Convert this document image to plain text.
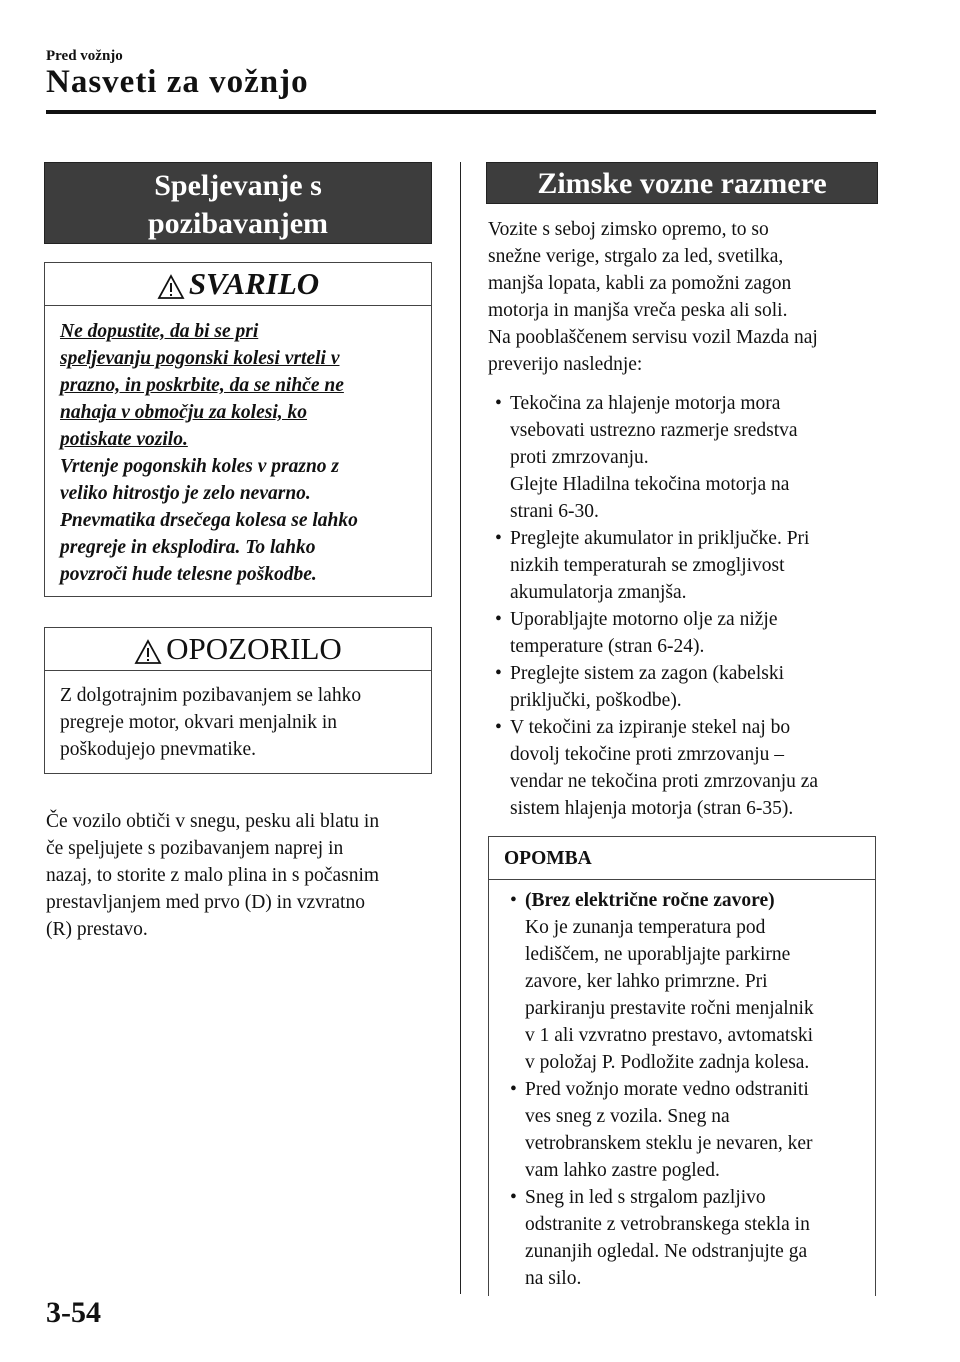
Pred vožnjo
Nasveti za vožnjo
Speljevanje s
pozibavanjem
SVARILO
Ne dopustite, da bi se pri
speljevanju pogonski kolesi vrteli v
prazno, in poskrbite, da se nihče ne
nahaja v območju za kolesi, ko
potiskate vozilo.
Vrtenje pogonskih koles v prazno z
veliko hitrostjo je zelo nevarno.
Pnevmatika drsečega kolesa se lahko
pregreje in eksplodira. To lahko
povzroči hude telesne poškodbe.
OPOZORILO
Z dolgotrajnim pozibavanjem se lahko
pregreje motor, okvari menjalnik in
poškodujejo pnevmatike.
Če vozilo obtiči v snegu, pesku ali blatu in
če speljujete s pozibavanjem naprej in
nazaj, to storite z malo plina in s počasnim
prestavljanjem med prvo (D) in vzvratno
(R) prestavo.
Zimske vozne razmere
Vozite s seboj zimsko opremo, to so
snežne verige, strgalo za led, svetilka,
manjša lopata, kabli za pomožni zagon
motorja in manjša vreča peska ali soli.
Na pooblaščenem servisu vozil Mazda naj
preverijo naslednje:
• Tekočina za hlajenje motorja mora
vsebovati ustrezno razmerje sredstva
proti zmrzovanju.
Glejte Hladilna tekočina motorja na
strani 6-30.
• Preglejte akumulator in priključke. Pri
nizkih temperaturah se zmogljivost
akumulatorja zmanjša.
• Uporabljajte motorno olje za nižje
temperature (stran 6-24).
• Preglejte sistem za zagon (kabelski
priključki, poškodbe).
• V tekočini za izpiranje stekel naj bo
dovolj tekočine proti zmrzovanju –
vendar ne tekočina proti zmrzovanju za
sistem hlajenja motorja (stran 6-35).
OPOMBA
• (Brez električne ročne zavore)
Ko je zunanja temperatura pod
lediščem, ne uporabljajte parkirne
zavore, ker lahko primrzne. Pri
parkiranju prestavite ročni menjalnik
v 1 ali vzvratno prestavo, avtomatski
v položaj P. Podložite zadnja kolesa.
• Pred vožnjo morate vedno odstraniti
ves sneg z vozila. Sneg na
vetrobranskem steklu je nevaren, ker
vam lahko zastre pogled.
• Sneg in led s strgalom pazljivo
odstranite z vetrobranskega stekla in
zunanjih ogledal. Ne odstranjujte ga
na silo.
3-54
